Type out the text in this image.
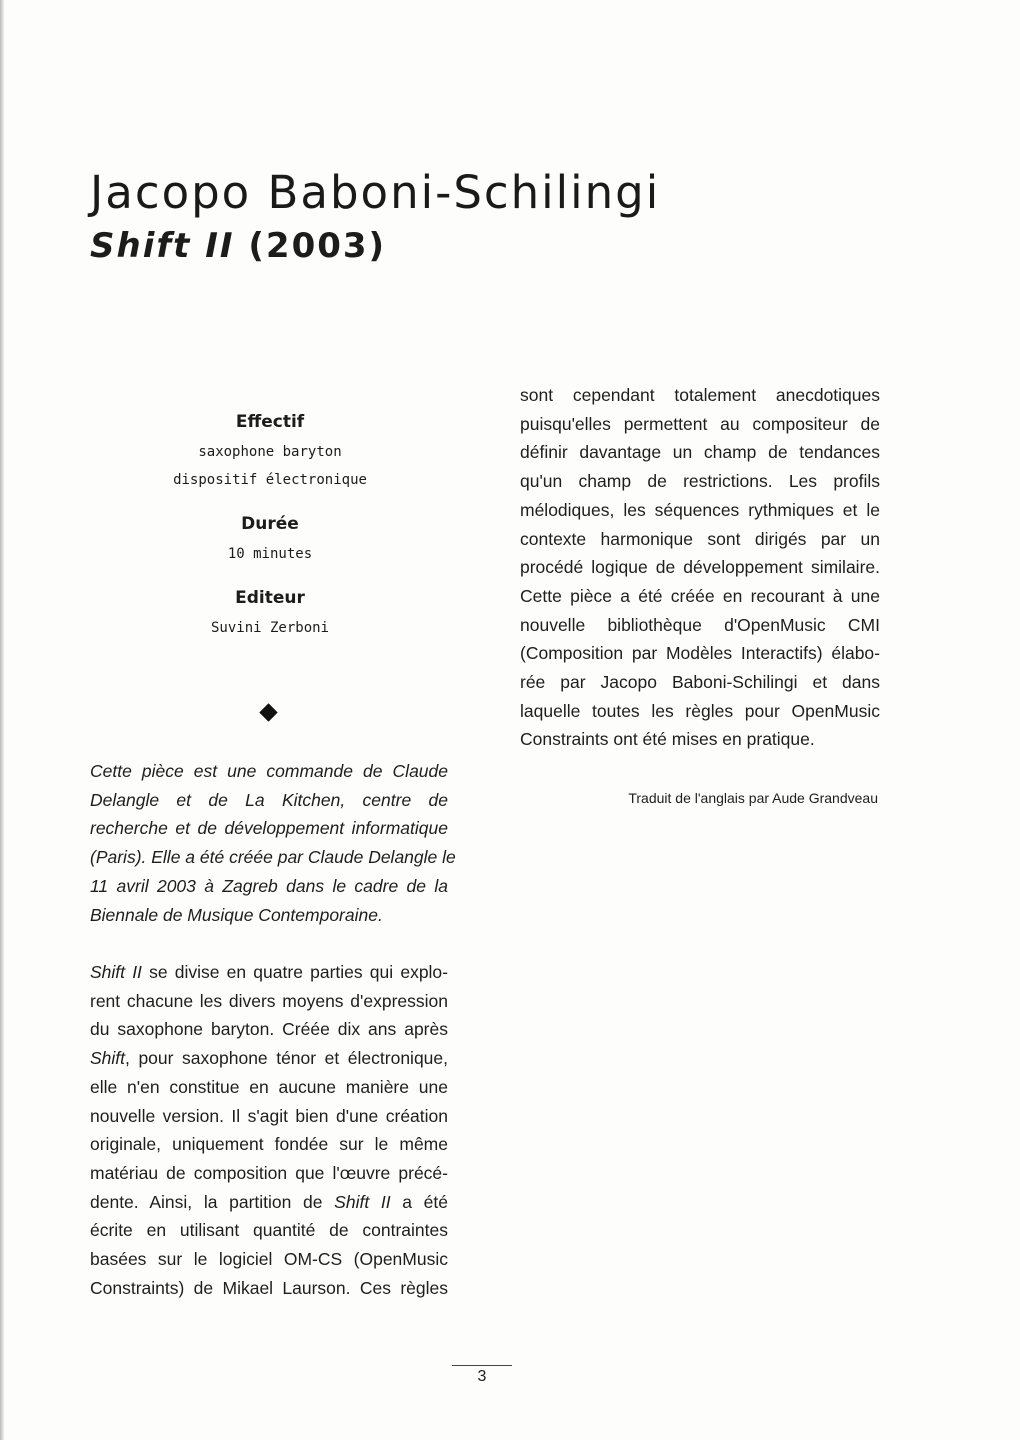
Jacopo Baboni-Schilingi
Shift II (2003)

Effectif

saxophone baryton

dispositif électronique

Durée

10 minutes

Editeur

Suvini Zerboni

Cette pièce est une commande de Claude
Delangle et de La Kitchen, centre de
recherche et de développement informatique
(Paris). Elle a été créée par Claude Delangle le
11 avril 2003 à Zagreb dans le cadre de la
Biennale de Musique Contemporaine.

Shift II se divise en quatre parties qui explo-
rent chacune les divers moyens d'expression
du saxophone baryton. Créée dix ans après
Shift, pour saxophone ténor et électronique,
elle n'en constitue en aucune manière une
nouvelle version. Il s'agit bien d'une création
originale, uniquement fondée sur le même
matériau de composition que l'œuvre précé-
dente. Ainsi, la partition de Shift II a été
écrite en utilisant quantité de contraintes
basées sur le logiciel OM-CS (OpenMusic
Constraints) de Mikael Laurson. Ces règles

sont cependant totalement anecdotiques
puisqu'elles permettent au compositeur de
définir davantage un champ de tendances
qu'un champ de restrictions. Les profils
mélodiques, les séquences rythmiques et le
contexte harmonique sont dirigés par un
procédé logique de développement similaire.
Cette pièce a été créée en recourant à une
nouvelle bibliothèque d'OpenMusic CMI
(Composition par Modèles Interactifs) élabo-
rée par Jacopo Baboni-Schilingi et dans
laquelle toutes les règles pour OpenMusic
Constraints ont été mises en pratique.

Traduit de l'anglais par Aude Grandveau

3
